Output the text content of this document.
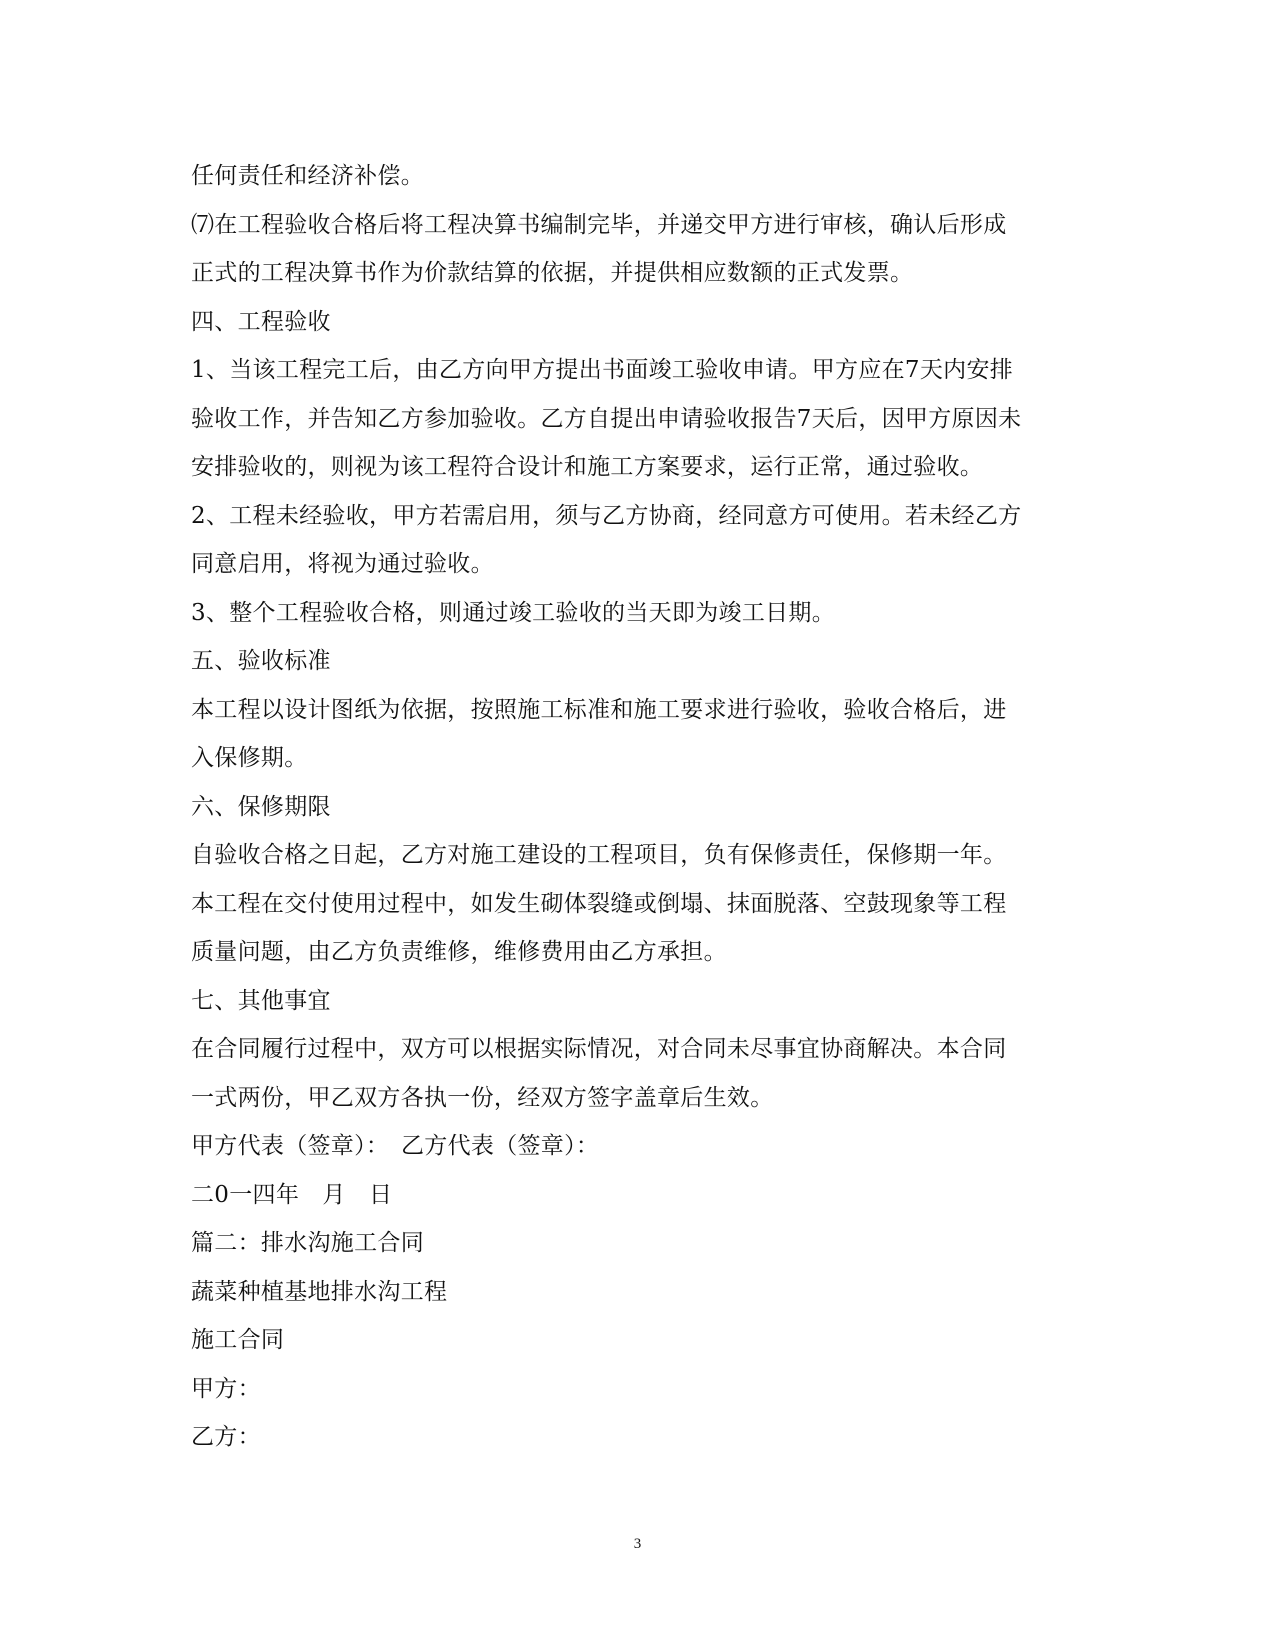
任何责任和经济补偿。
⑺在工程验收合格后将工程决算书编制完毕，并递交甲方进行审核，确认后形成
正式的工程决算书作为价款结算的依据，并提供相应数额的正式发票。
四、工程验收
1、当该工程完工后，由乙方向甲方提出书面竣工验收申请。甲方应在7天内安排
验收工作，并告知乙方参加验收。乙方自提出申请验收报告7天后，因甲方原因未
安排验收的，则视为该工程符合设计和施工方案要求，运行正常，通过验收。
2、工程未经验收，甲方若需启用，须与乙方协商，经同意方可使用。若未经乙方
同意启用，将视为通过验收。
3、整个工程验收合格，则通过竣工验收的当天即为竣工日期。
五、验收标准
本工程以设计图纸为依据，按照施工标准和施工要求进行验收，验收合格后，进
入保修期。
六、保修期限
自验收合格之日起，乙方对施工建设的工程项目，负有保修责任，保修期一年。
本工程在交付使用过程中，如发生砌体裂缝或倒塌、抹面脱落、空鼓现象等工程
质量问题，由乙方负责维修，维修费用由乙方承担。
七、其他事宜
在合同履行过程中，双方可以根据实际情况，对合同未尽事宜协商解决。本合同
一式两份，甲乙双方各执一份，经双方签字盖章后生效。
甲方代表（签章）：　乙方代表（签章）：
二0一四年　月　日
篇二：排水沟施工合同
蔬菜种植基地排水沟工程
施工合同
甲方：
乙方：
3
